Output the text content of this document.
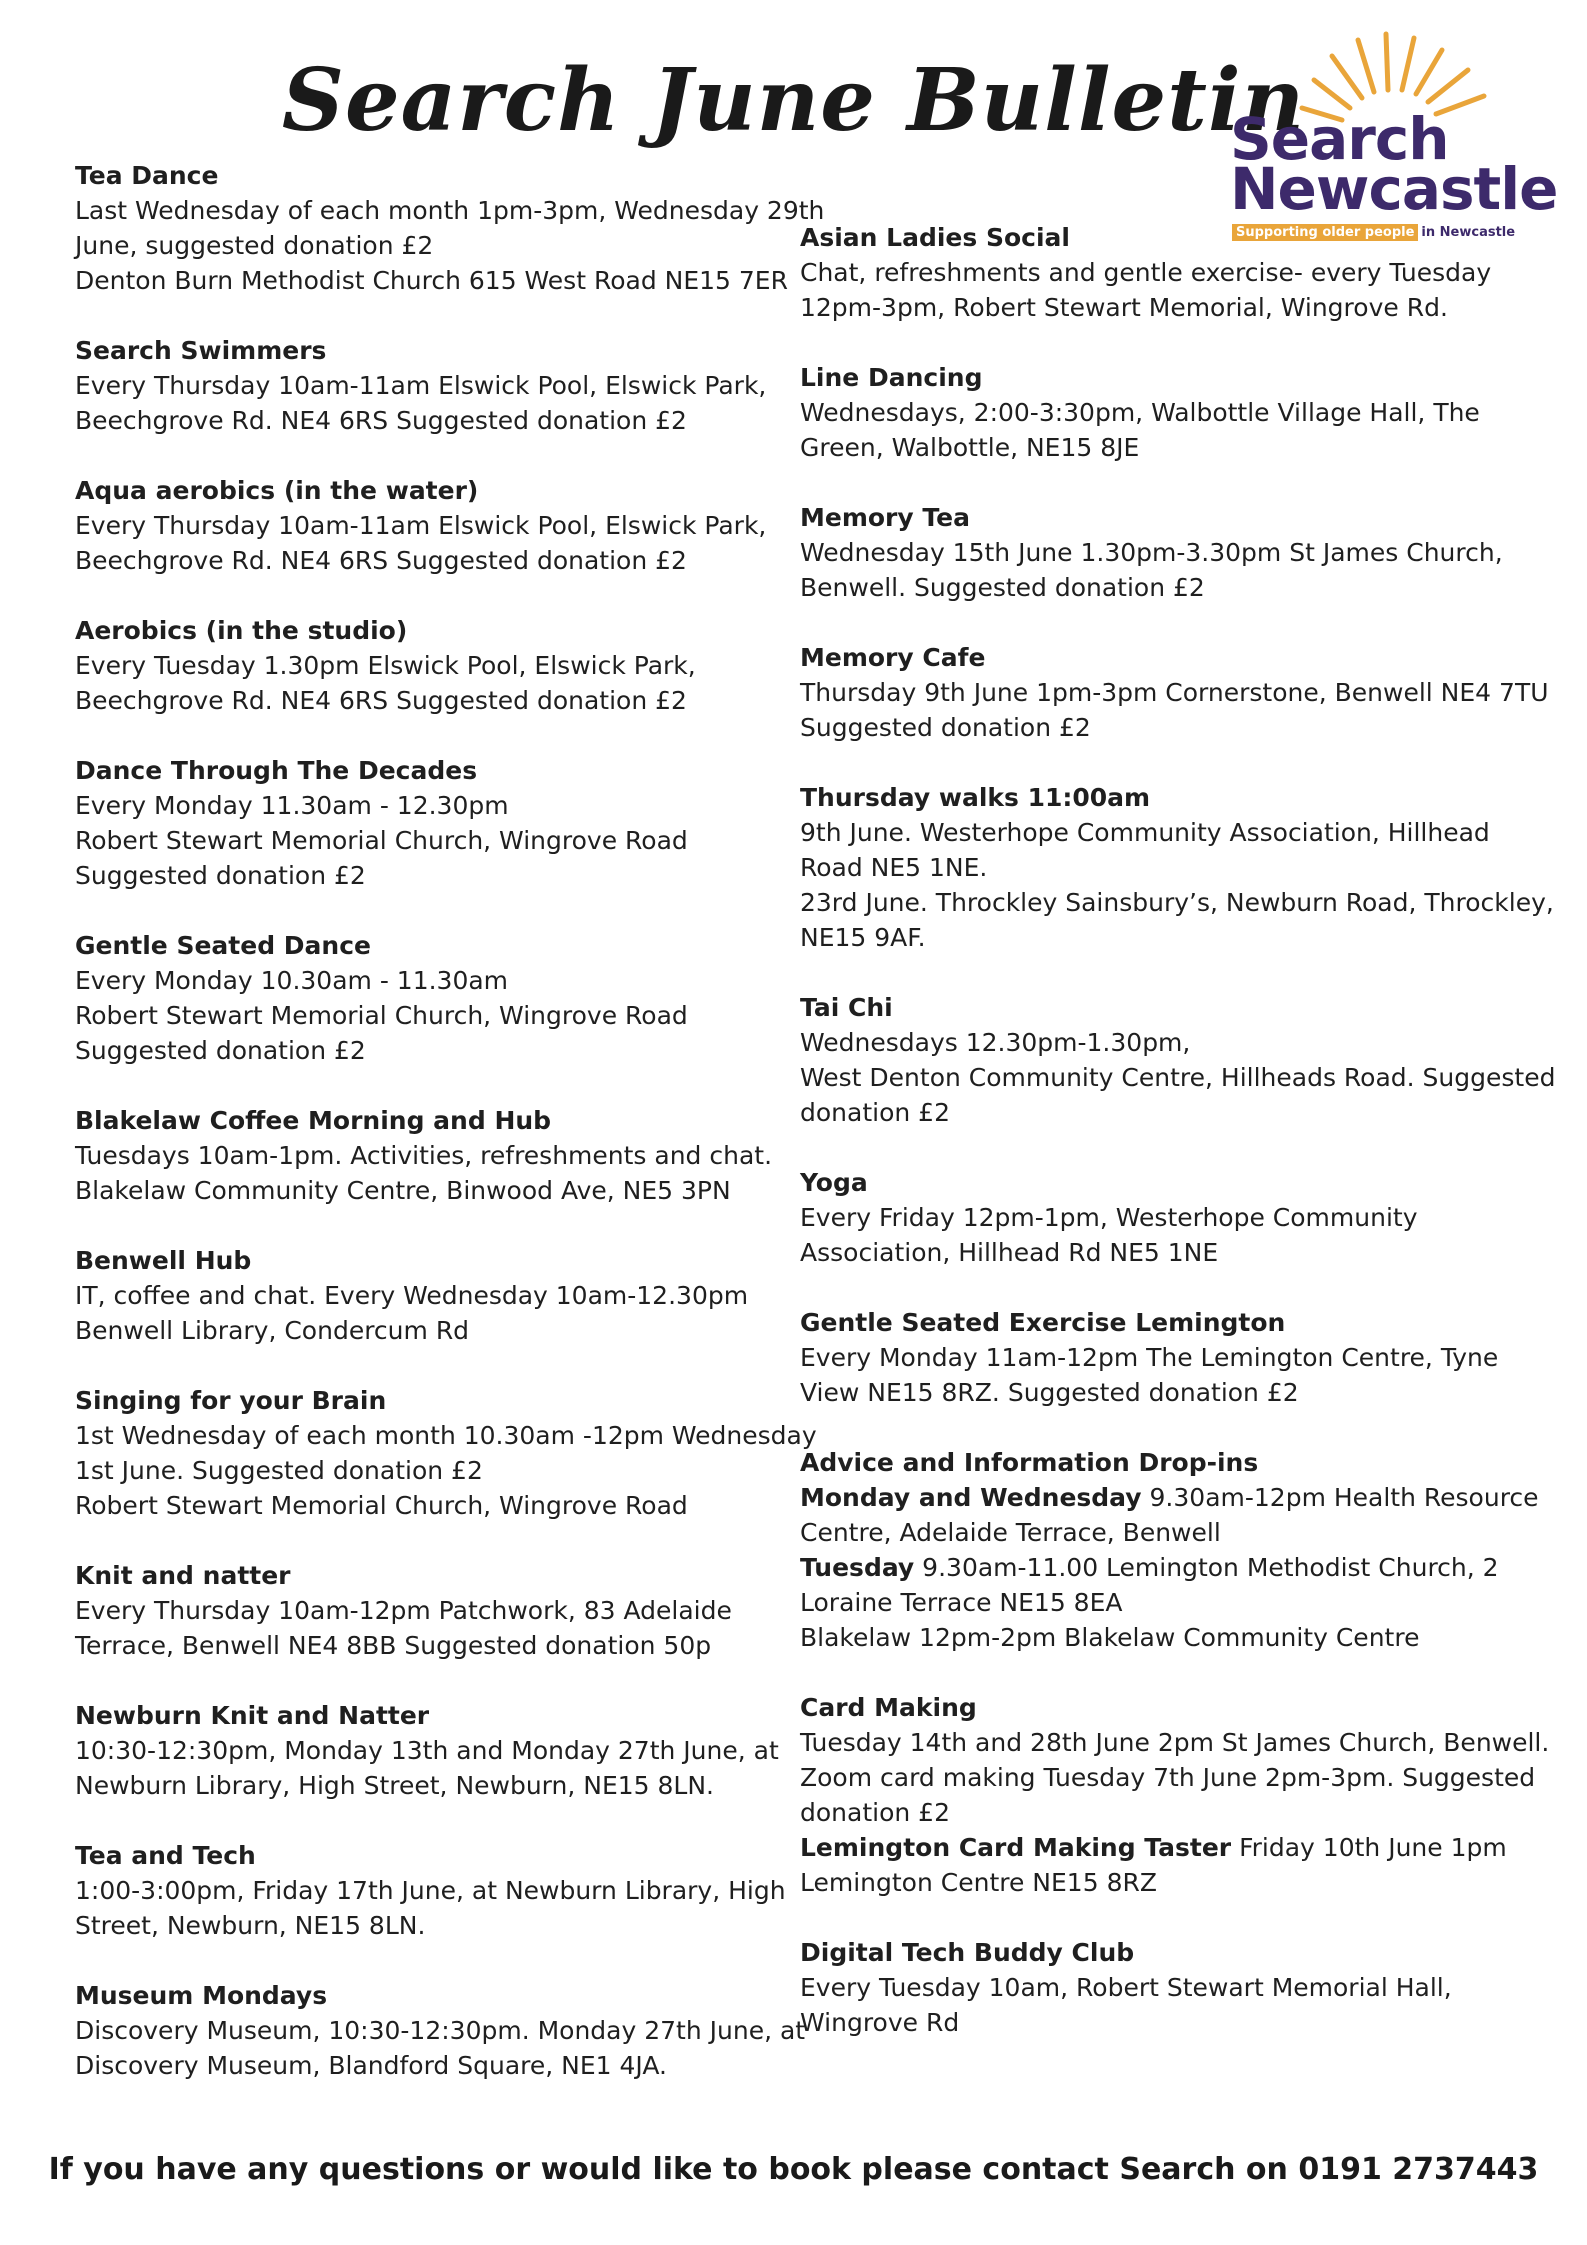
Search June Bulletin
Search
Newcastle
Supporting older people in Newcastle

Tea Dance

Last Wednesday of each month 1pm-3pm, Wednesday 29th

June, suggested donation £2

Denton Burn Methodist Church 615 West Road NE15 7ER

Search Swimmers

Every Thursday 10am-11am Elswick Pool, Elswick Park,

Beechgrove Rd. NE4 6RS Suggested donation £2

Aqua aerobics (in the water)

Every Thursday 10am-11am Elswick Pool, Elswick Park,

Beechgrove Rd. NE4 6RS Suggested donation £2

Aerobics (in the studio)

Every Tuesday 1.30pm Elswick Pool, Elswick Park,

Beechgrove Rd. NE4 6RS Suggested donation £2

Dance Through The Decades

Every Monday 11.30am - 12.30pm

Robert Stewart Memorial Church, Wingrove Road

Suggested donation £2

Gentle Seated Dance

Every Monday 10.30am - 11.30am

Robert Stewart Memorial Church, Wingrove Road

Suggested donation £2

Blakelaw Coffee Morning and Hub

Tuesdays 10am-1pm. Activities, refreshments and chat.

Blakelaw Community Centre, Binwood Ave, NE5 3PN

Benwell Hub

IT, coffee and chat. Every Wednesday 10am-12.30pm

Benwell Library, Condercum Rd

Singing for your Brain

1st Wednesday of each month 10.30am -12pm Wednesday

1st June. Suggested donation £2

Robert Stewart Memorial Church, Wingrove Road

Knit and natter

Every Thursday 10am-12pm Patchwork, 83 Adelaide

Terrace, Benwell NE4 8BB Suggested donation 50p

Newburn Knit and Natter

10:30-12:30pm, Monday 13th and Monday 27th June, at

Newburn Library, High Street, Newburn, NE15 8LN.

Tea and Tech

1:00-3:00pm, Friday 17th June, at Newburn Library, High

Street, Newburn, NE15 8LN.

Museum Mondays

Discovery Museum, 10:30-12:30pm. Monday 27th June, at

Discovery Museum, Blandford Square, NE1 4JA.

Asian Ladies Social

Chat, refreshments and gentle exercise- every Tuesday

12pm-3pm, Robert Stewart Memorial, Wingrove Rd.

Line Dancing

Wednesdays, 2:00-3:30pm, Walbottle Village Hall, The

Green, Walbottle, NE15 8JE

Memory Tea

Wednesday 15th June 1.30pm-3.30pm St James Church,

Benwell. Suggested donation £2

Memory Cafe

Thursday 9th June 1pm-3pm Cornerstone, Benwell NE4 7TU

Suggested donation £2

Thursday walks 11:00am

9th June. Westerhope Community Association, Hillhead

Road NE5 1NE.

23rd June. Throckley Sainsbury’s, Newburn Road, Throckley,

NE15 9AF.

Tai Chi

Wednesdays 12.30pm-1.30pm,

West Denton Community Centre, Hillheads Road. Suggested

donation £2

Yoga

Every Friday 12pm-1pm, Westerhope Community

Association, Hillhead Rd NE5 1NE

Gentle Seated Exercise Lemington

Every Monday 11am-12pm The Lemington Centre, Tyne

View NE15 8RZ. Suggested donation £2

Advice and Information Drop-ins

Monday and Wednesday 9.30am-12pm Health Resource

Centre, Adelaide Terrace, Benwell

Tuesday 9.30am-11.00 Lemington Methodist Church, 2

Loraine Terrace NE15 8EA

Blakelaw 12pm-2pm Blakelaw Community Centre

Card Making

Tuesday 14th and 28th June 2pm St James Church, Benwell.

Zoom card making Tuesday 7th June 2pm-3pm. Suggested

donation £2

Lemington Card Making Taster Friday 10th June 1pm

Lemington Centre NE15 8RZ

Digital Tech Buddy Club

Every Tuesday 10am, Robert Stewart Memorial Hall,

Wingrove Rd

If you have any questions or would like to book please contact Search on 0191 2737443
